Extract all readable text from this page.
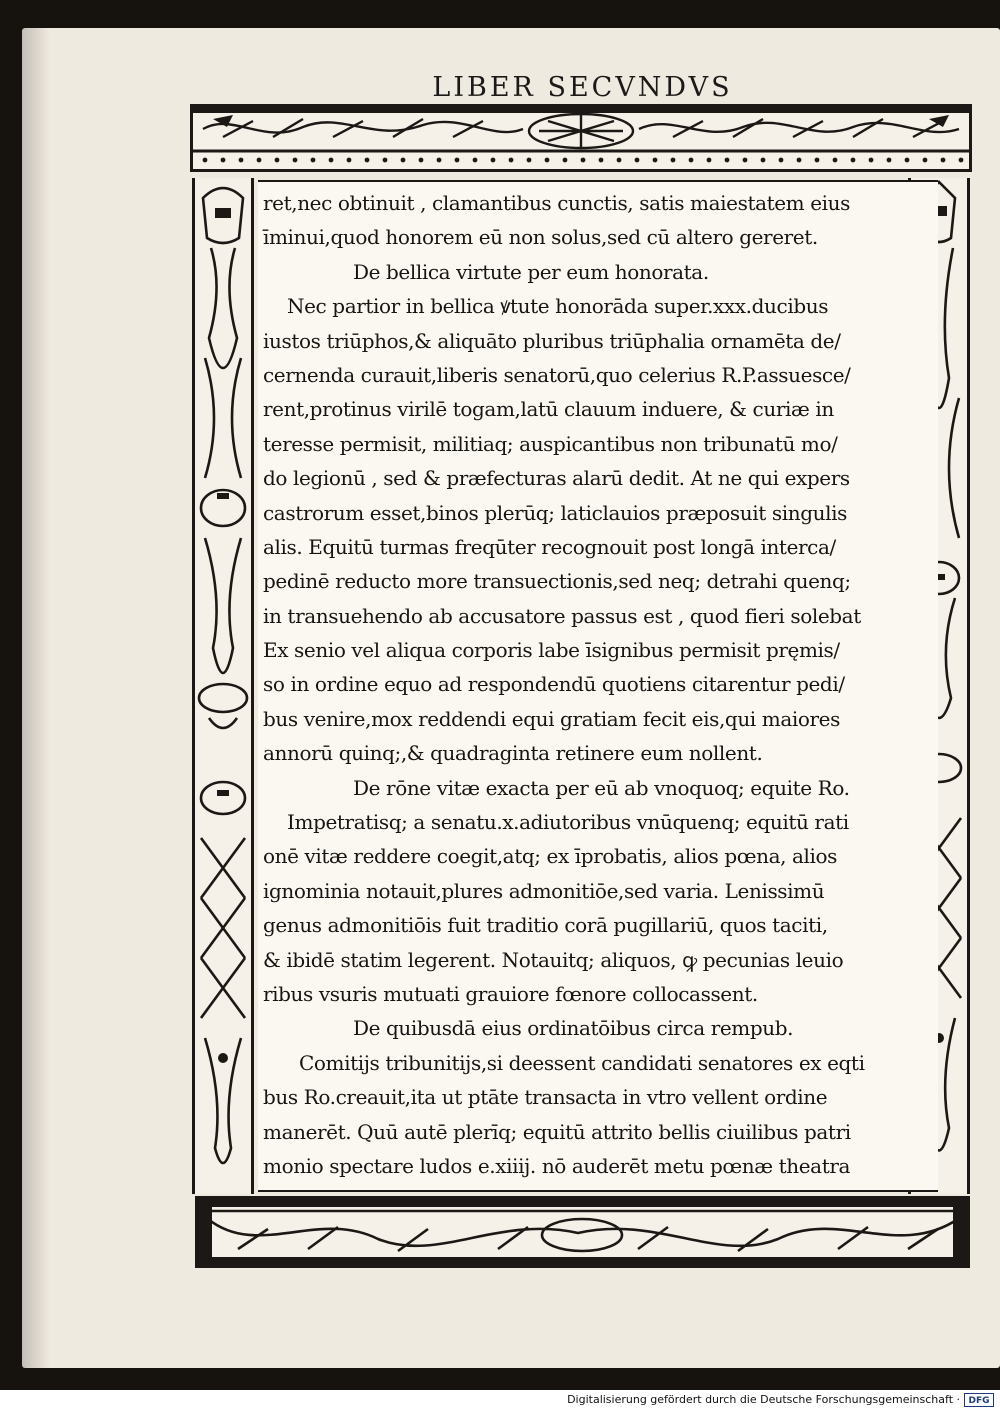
LIBER SECVNDVS
ret,nec obtinuit , clamantibus cunctis, satis maiestatem eius
īminui,quod honorem eū non solus,sed cū altero gereret.
De bellica virtute per eum honorata.
Nec partior in bellica ꝟtute honorāda super.xxx.ducibus
iustos triūphos,& aliquāto pluribus triūphalia ornamēta de/
cernenda curauit,liberis senatorū,quo celerius R.P.assuesce/
rent,protinus virilē togam,latū clauum induere, & curiæ in
teresse permisit, militiaq; auspicantibus non tribunatū mo/
do legionū , sed & præfecturas alarū dedit. At ne qui expers
castrorum esset,binos plerūq; laticlauios præposuit singulis
alis. Equitū turmas freqūter recognouit post longā interca/
pedinē reducto more transuectionis,sed neq; detrahi quenq;
in transuehendo ab accusatore passus est , quod fieri solebat
Ex senio vel aliqua corporis labe īsignibus permisit pręmis/
so in ordine equo ad respondendū quotiens citarentur pedi/
bus venire,mox reddendi equi gratiam fecit eis,qui maiores
annorū quinq;,& quadraginta retinere eum nollent.
De rōne vitæ exacta per eū ab vnoquoq; equite Ro.
Impetratisq; a senatu.x.adiutoribus vnūquenq; equitū rati
onē vitæ reddere coegit,atq; ex īprobatis, alios pœna, alios
ignominia notauit,plures admonitiōe,sed varia. Lenissimū
genus admonitiōis fuit traditio corā pugillariū, quos taciti,
& ibidē statim legerent. Notauitq; aliquos, ꝙ pecunias leuio
ribus vsuris mutuati grauiore fœnore collocassent.
De quibusdā eius ordinatōibus circa rempub.
Comitijs tribunitijs,si deessent candidati senatores ex eqti
bus Ro.creauit,ita ut ptāte transacta in vtro vellent ordine
manerēt. Quū autē plerīq; equitū attrito bellis ciuilibus patri
monio spectare ludos e.xiiij. nō auderēt metu pœnæ theatra
Digitalisierung gefördert durch die Deutsche Forschungsgemeinschaft · DFG
